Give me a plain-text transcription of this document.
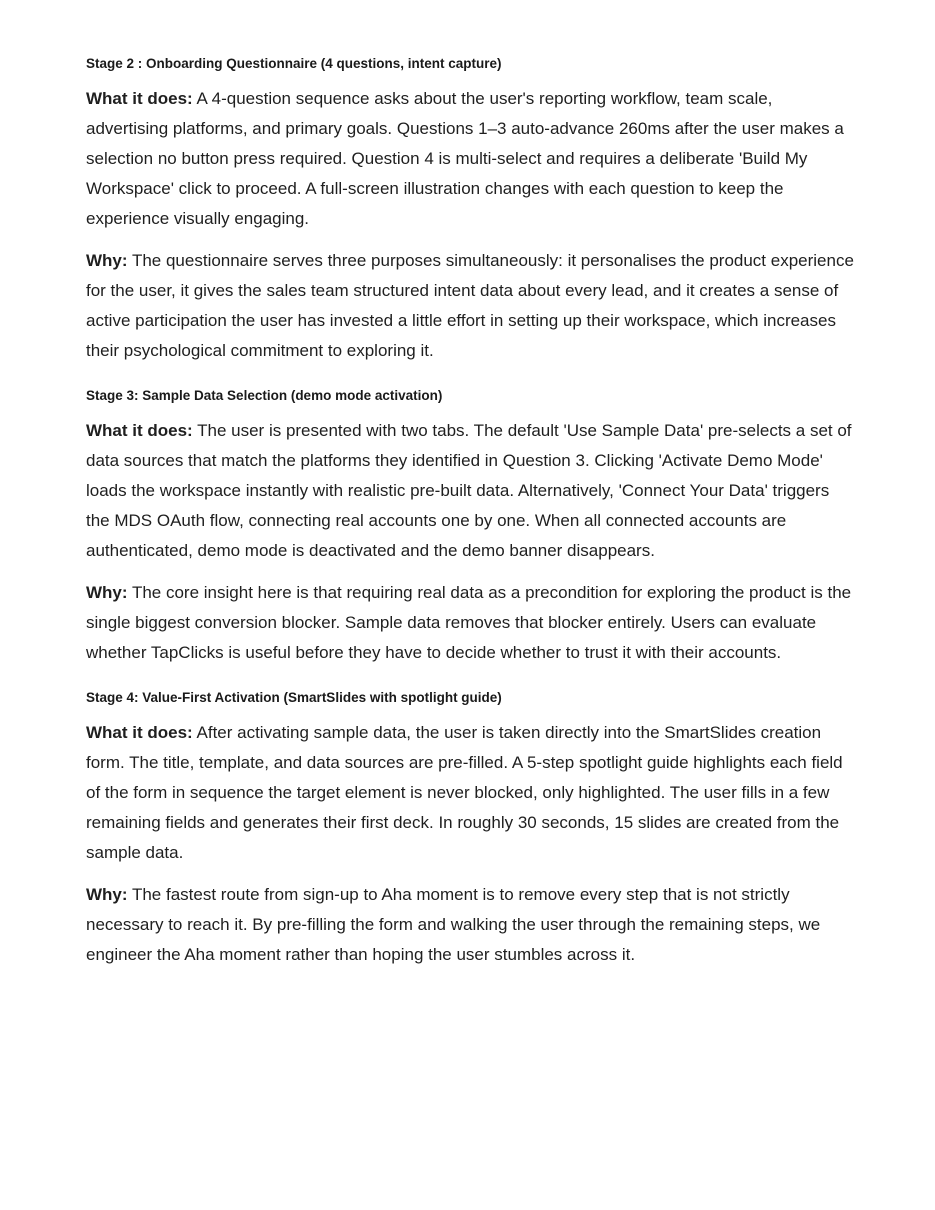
Stage 2 : Onboarding Questionnaire (4 questions, intent capture)

What it does: A 4-question sequence asks about the user's reporting workflow, team scale, advertising platforms, and primary goals. Questions 1–3 auto-advance 260ms after the user makes a selection no button press required. Question 4 is multi-select and requires a deliberate 'Build My Workspace' click to proceed. A full-screen illustration changes with each question to keep the experience visually engaging.

Why: The questionnaire serves three purposes simultaneously: it personalises the product experience for the user, it gives the sales team structured intent data about every lead, and it creates a sense of active participation the user has invested a little effort in setting up their workspace, which increases their psychological commitment to exploring it.

Stage 3: Sample Data Selection (demo mode activation)

What it does: The user is presented with two tabs. The default 'Use Sample Data' pre-selects a set of data sources that match the platforms they identified in Question 3. Clicking 'Activate Demo Mode' loads the workspace instantly with realistic pre-built data. Alternatively, 'Connect Your Data' triggers the MDS OAuth flow, connecting real accounts one by one. When all connected accounts are authenticated, demo mode is deactivated and the demo banner disappears.

Why: The core insight here is that requiring real data as a precondition for exploring the product is the single biggest conversion blocker. Sample data removes that blocker entirely. Users can evaluate whether TapClicks is useful before they have to decide whether to trust it with their accounts.

Stage 4: Value-First Activation (SmartSlides with spotlight guide)

What it does: After activating sample data, the user is taken directly into the SmartSlides creation form. The title, template, and data sources are pre-filled. A 5-step spotlight guide highlights each field of the form in sequence the target element is never blocked, only highlighted. The user fills in a few remaining fields and generates their first deck. In roughly 30 seconds, 15 slides are created from the sample data.

Why: The fastest route from sign-up to Aha moment is to remove every step that is not strictly necessary to reach it. By pre-filling the form and walking the user through the remaining steps, we engineer the Aha moment rather than hoping the user stumbles across it.
